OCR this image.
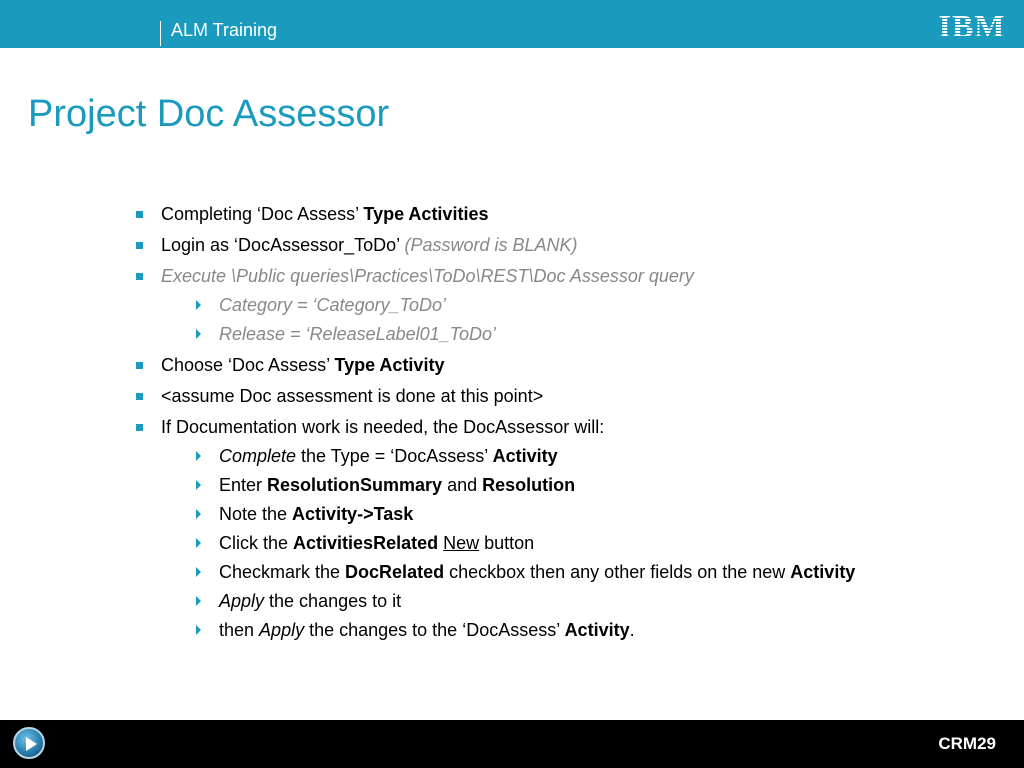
ALM Training
Project Doc Assessor
Completing ‘Doc Assess’ Type Activities
Login as ‘DocAssessor_ToDo’ (Password is BLANK)
Execute \Public queries\Practices\ToDo\REST\Doc Assessor query
Category = ‘Category_ToDo’
Release = ‘ReleaseLabel01_ToDo’
Choose ‘Doc Assess’ Type Activity
<assume Doc assessment is done at this point>
If Documentation work is needed, the DocAssessor will:
Complete the Type = ‘DocAssess’ Activity
Enter ResolutionSummary and Resolution
Note the Activity->Task
Click the ActivitiesRelated New button
Checkmark the DocRelated checkbox then any other fields on the new Activity
Apply the changes to it
then Apply the changes to the ‘DocAssess’ Activity.
CRM29
